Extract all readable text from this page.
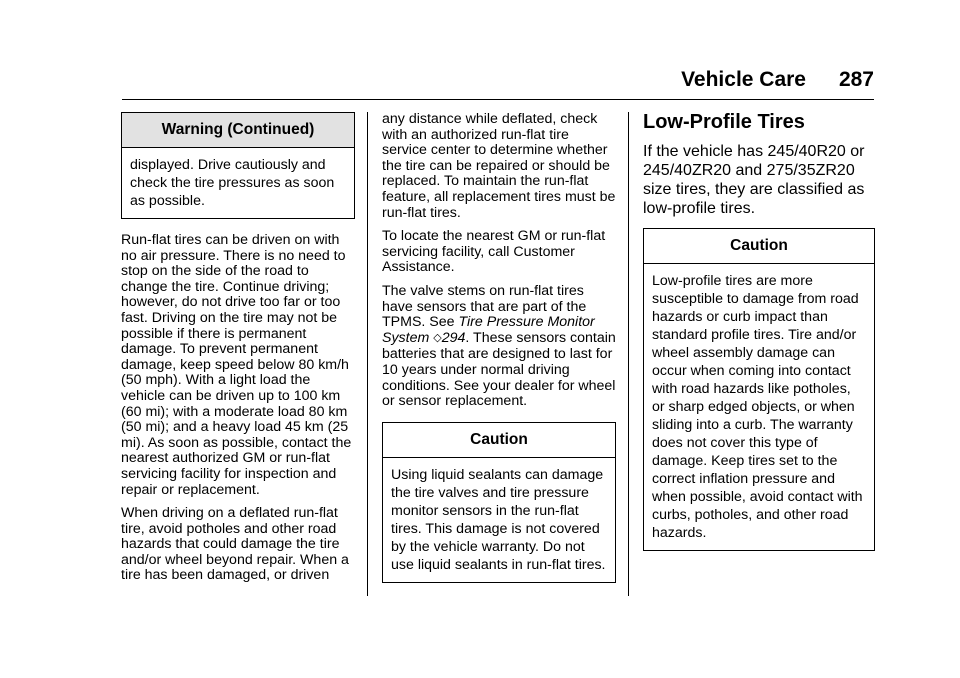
Vehicle Care 287
Warning (Continued)
displayed. Drive cautiously and check the tire pressures as soon as possible.

Run-flat tires can be driven on with no air pressure. There is no need to stop on the side of the road to change the tire. Continue driving; however, do not drive too far or too fast. Driving on the tire may not be possible if there is permanent damage. To prevent permanent damage, keep speed below 80 km/h (50 mph). With a light load the vehicle can be driven up to 100 km (60 mi); with a moderate load 80 km (50 mi); and a heavy load 45 km (25 mi). As soon as possible, contact the nearest authorized GM or run-flat servicing facility for inspection and repair or replacement.

When driving on a deflated run-flat tire, avoid potholes and other road hazards that could damage the tire and/or wheel beyond repair. When a tire has been damaged, or driven

any distance while deflated, check with an authorized run-flat tire service center to determine whether the tire can be repaired or should be replaced. To maintain the run-flat feature, all replacement tires must be run-flat tires.

To locate the nearest GM or run-flat servicing facility, call Customer Assistance.

The valve stems on run-flat tires have sensors that are part of the TPMS. See Tire Pressure Monitor System ◇294. These sensors contain batteries that are designed to last for 10 years under normal driving conditions. See your dealer for wheel or sensor replacement.

Caution
Using liquid sealants can damage the tire valves and tire pressure monitor sensors in the run-flat tires. This damage is not covered by the vehicle warranty. Do not use liquid sealants in run-flat tires.
Low-Profile Tires

If the vehicle has 245/40R20 or 245/40ZR20 and 275/35ZR20 size tires, they are classified as low-profile tires.

Caution
Low-profile tires are more susceptible to damage from road hazards or curb impact than standard profile tires. Tire and/or wheel assembly damage can occur when coming into contact with road hazards like potholes, or sharp edged objects, or when sliding into a curb. The warranty does not cover this type of damage. Keep tires set to the correct inflation pressure and when possible, avoid contact with curbs, potholes, and other road hazards.
